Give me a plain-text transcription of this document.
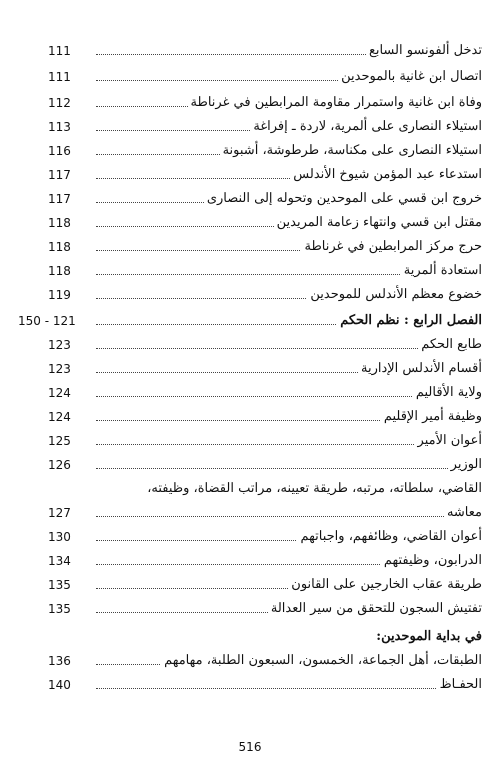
تدخل ألفونسو السابع
111
اتصال ابن غانية بالموحدين
111
وفاة ابن غانية واستمرار مقاومة المرابطين في غرناطة
112
استيلاء النصارى على ألمرية، لاردة ـ إفراغة
113
استيلاء النصارى على مكناسة، طرطوشة، أشبونة
116
استدعاء عبد المؤمن شيوخ الأندلس
117
خروج ابن قسي على الموحدين وتحوله إلى النصارى
117
مقتل ابن قسي وانتهاء زعامة المريدين
118
حرج مركز المرابطين في غرناطة
118
استعادة ألمرية
118
خضوع معظم الأندلس للموحدين
119
الفصل الرابع : نظم الحكم
150 - 121
طابع الحكم
123
أقسام الأندلس الإدارية
123
ولاية الأقاليم
124
وظيفة أمير الإقليم
124
أعوان الأمير
125
الوزير
126
القاضي، سلطاته، مرتبه، طريقة تعيينه، مراتب القضاة، وظيفته،
معاشه
127
أعوان القاضي، وظائفهم، واجباتهم
130
الدرابون، وظيفتهم
134
طريقة عقاب الخارجين على القانون
135
تفتيش السجون للتحقق من سير العدالة
135
في بداية الموحدين:
الطبقات، أهل الجماعة، الخمسون، السبعون الطلبة، مهامهم
136
الحفـاظ
140
516
